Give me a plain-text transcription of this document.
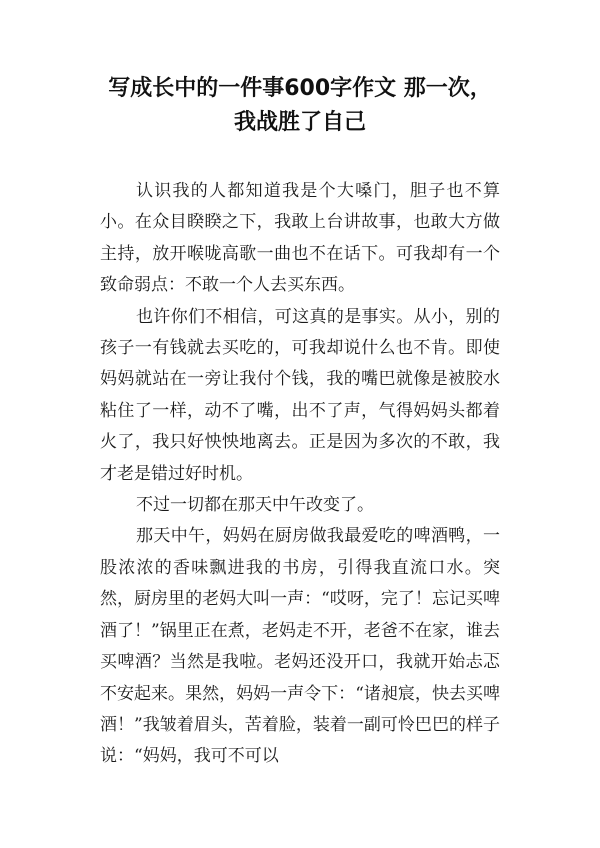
写成长中的一件事600字作文 那一次，
我战胜了自己

认识我的人都知道我是个大嗓门，胆子也不算小。在众目睽睽之下，我敢上台讲故事，也敢大方做主持，放开喉咙高歌一曲也不在话下。可我却有一个致命弱点：不敢一个人去买东西。

也许你们不相信，可这真的是事实。从小，别的孩子一有钱就去买吃的，可我却说什么也不肯。即使妈妈就站在一旁让我付个钱，我的嘴巴就像是被胶水粘住了一样，动不了嘴，出不了声，气得妈妈头都着火了，我只好怏怏地离去。正是因为多次的不敢，我才老是错过好时机。

不过一切都在那天中午改变了。

那天中午，妈妈在厨房做我最爱吃的啤酒鸭，一股浓浓的香味飘进我的书房，引得我直流口水。突然，厨房里的老妈大叫一声：“哎呀，完了！忘记买啤酒了！”锅里正在煮，老妈走不开，老爸不在家，谁去买啤酒？当然是我啦。老妈还没开口，我就开始忐忑不安起来。果然，妈妈一声令下：“诸昶宸，快去买啤酒！”我皱着眉头，苦着脸，装着一副可怜巴巴的样子说：“妈妈，我可不可以
